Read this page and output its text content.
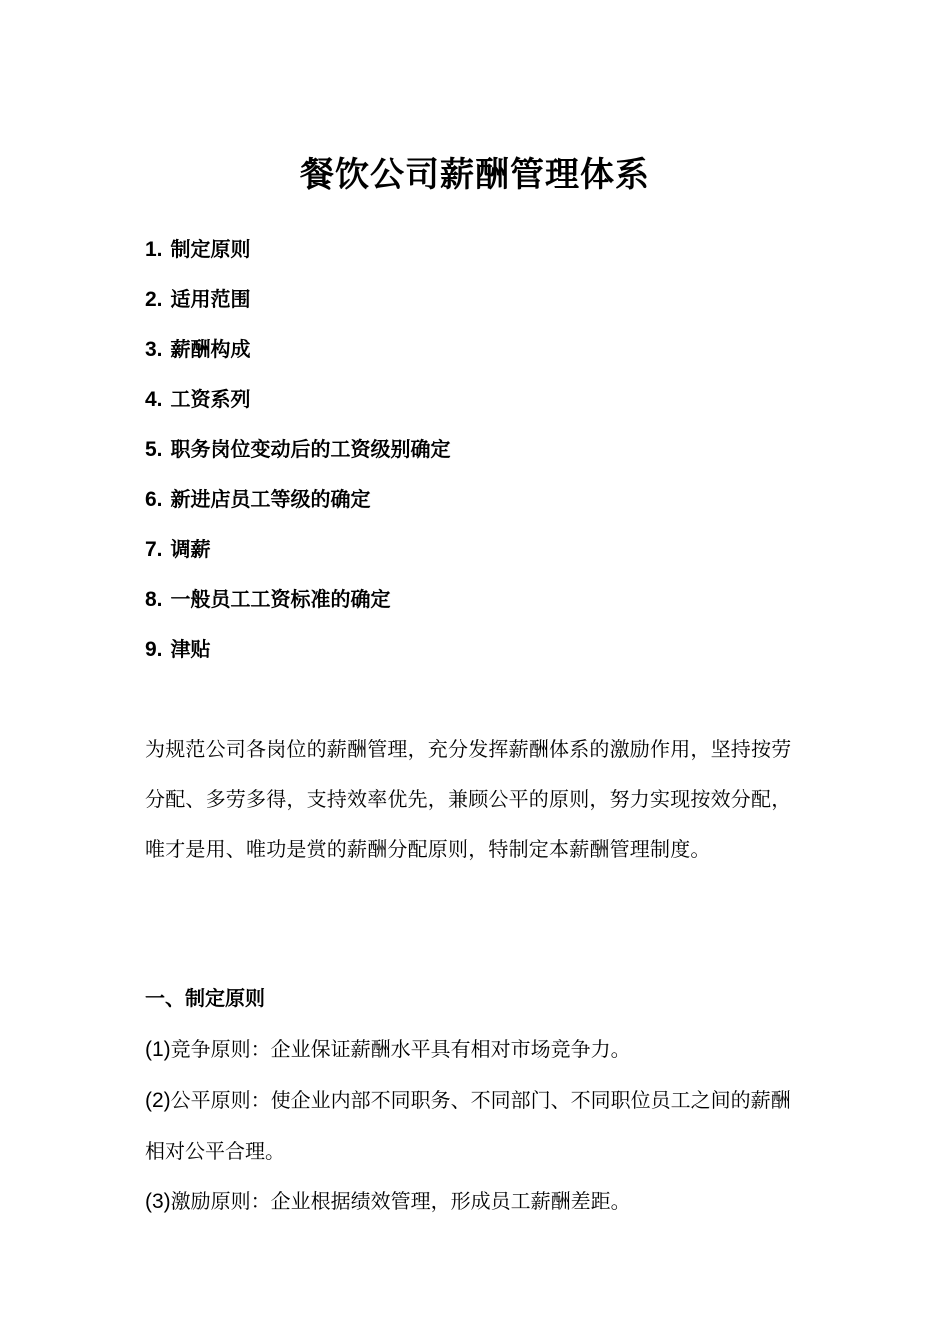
餐饮公司薪酬管理体系
1. 制定原则
2. 适用范围
3. 薪酬构成
4. 工资系列
5. 职务岗位变动后的工资级别确定
6. 新进店员工等级的确定
7. 调薪
8. 一般员工工资标准的确定
9. 津贴

为规范公司各岗位的薪酬管理，充分发挥薪酬体系的激励作用，坚持按劳分配、多劳多得，支持效率优先，兼顾公平的原则，努力实现按效分配，唯才是用、唯功是赏的薪酬分配原则，特制定本薪酬管理制度。

一、制定原则

(1)竞争原则：企业保证薪酬水平具有相对市场竞争力。

(2)公平原则：使企业内部不同职务、不同部门、不同职位员工之间的薪酬相对公平合理。

(3)激励原则：企业根据绩效管理，形成员工薪酬差距。
